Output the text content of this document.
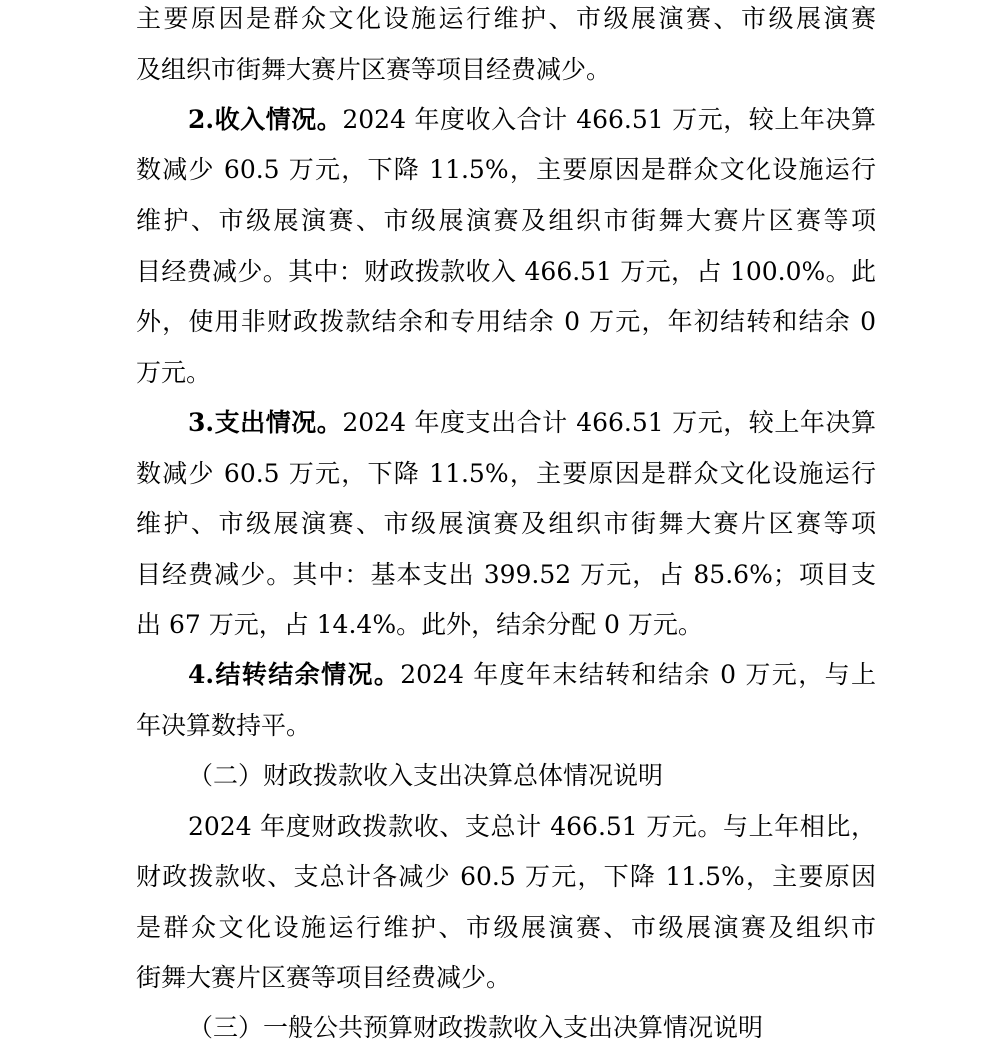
主要原因是群众文化设施运行维护、市级展演赛、市级展演赛
及组织市街舞大赛片区赛等项目经费减少。
2.收入情况。2024 年度收入合计 466.51 万元，较上年决算
数减少 60.5 万元，下降 11.5%，主要原因是群众文化设施运行
维护、市级展演赛、市级展演赛及组织市街舞大赛片区赛等项
目经费减少。其中：财政拨款收入 466.51 万元，占 100.0%。此
外，使用非财政拨款结余和专用结余 0 万元，年初结转和结余 0
万元。
3.支出情况。2024 年度支出合计 466.51 万元，较上年决算
数减少 60.5 万元，下降 11.5%，主要原因是群众文化设施运行
维护、市级展演赛、市级展演赛及组织市街舞大赛片区赛等项
目经费减少。其中：基本支出 399.52 万元，占 85.6%；项目支
出 67 万元，占 14.4%。此外，结余分配 0 万元。
4.结转结余情况。2024 年度年末结转和结余 0 万元，与上
年决算数持平。
（二）财政拨款收入支出决算总体情况说明
2024 年度财政拨款收、支总计 466.51 万元。与上年相比，
财政拨款收、支总计各减少 60.5 万元，下降 11.5%，主要原因
是群众文化设施运行维护、市级展演赛、市级展演赛及组织市
街舞大赛片区赛等项目经费减少。
（三）一般公共预算财政拨款收入支出决算情况说明
